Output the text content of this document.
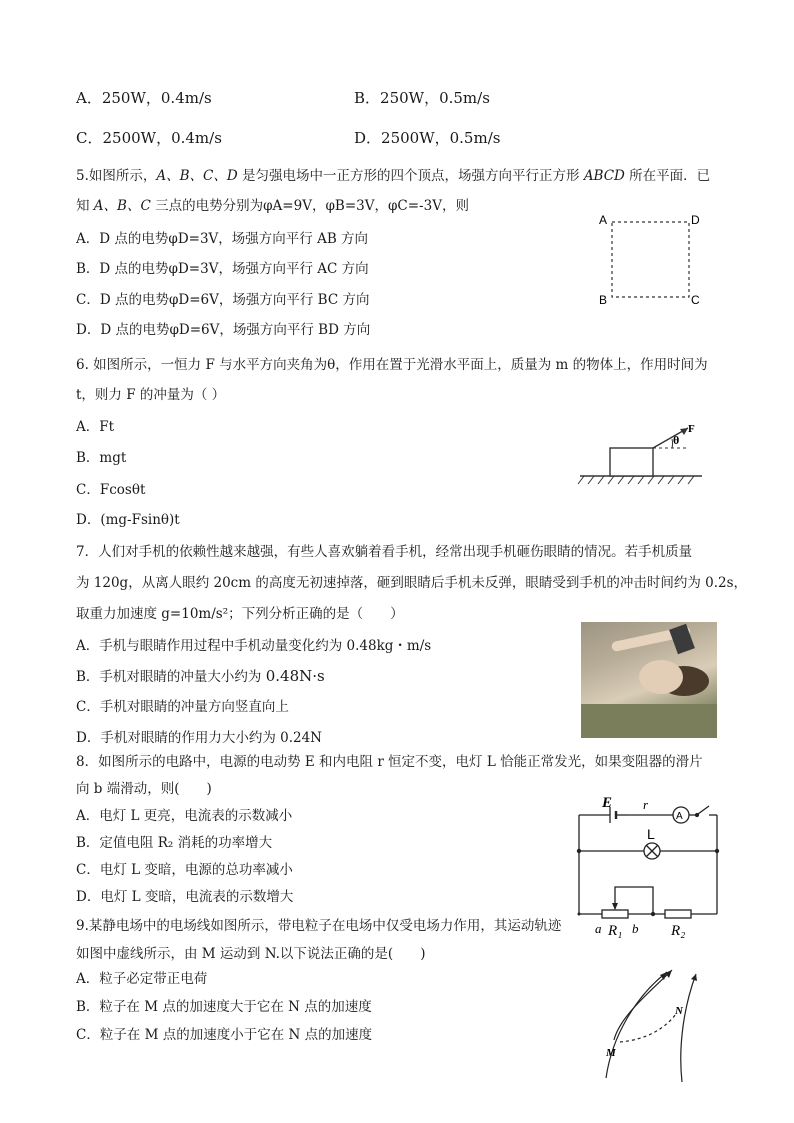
A．250W，0.4m/s	B．250W，0.5m/s
C．2500W，0.4m/s	D．2500W，0.5m/s
5.如图所示，A、B、C、D 是匀强电场中一正方形的四个顶点，场强方向平行正方形 ABCD 所在平面．已
知 A、B、C 三点的电势分别为φA=9V，φB=3V，φC=-3V，则
A．D 点的电势φD=3V，场强方向平行 AB 方向
B．D 点的电势φD=3V，场强方向平行 AC 方向
C．D 点的电势φD=6V，场强方向平行 BC 方向
D．D 点的电势φD=6V，场强方向平行 BD 方向
A	D
B	C
6. 如图所示，一恒力 F 与水平方向夹角为θ，作用在置于光滑水平面上，质量为 m 的物体上，作用时间为
t，则力 F 的冲量为（ ）
A．Ft
B．mgt
C．Fcosθt
D．(mg-Fsinθ)t
θ
F
7．人们对手机的依赖性越来越强，有些人喜欢躺着看手机，经常出现手机砸伤眼睛的情况。若手机质量
为 120g，从离人眼约 20cm 的高度无初速掉落，砸到眼睛后手机未反弹，眼睛受到手机的冲击时间约为 0.2s，
取重力加速度 g=10m/s²；下列分析正确的是（　　）
A．手机与眼睛作用过程中手机动量变化约为 0.48kg・m/s
B．手机对眼睛的冲量大小约为 0.48N·s
C．手机对眼睛的冲量方向竖直向上
D．手机对眼睛的作用力大小约为 0.24N
8．如图所示的电路中，电源的电动势 E 和内电阻 r 恒定不变，电灯 L 恰能正常发光，如果变阻器的滑片
向 b 端滑动，则(　　)
A．电灯 L 更亮，电流表的示数减小
B．定值电阻 R₂ 消耗的功率增大
C．电灯 L 变暗，电源的总功率减小
D．电灯 L 变暗，电流表的示数增大
E r
A
L
a R₁ b R₂
9.某静电场中的电场线如图所示，带电粒子在电场中仅受电场力作用，其运动轨迹
如图中虚线所示，由 M 运动到 N.以下说法正确的是(　　)
A．粒子必定带正电荷
B．粒子在 M 点的加速度大于它在 N 点的加速度
C．粒子在 M 点的加速度小于它在 N 点的加速度
M
N
